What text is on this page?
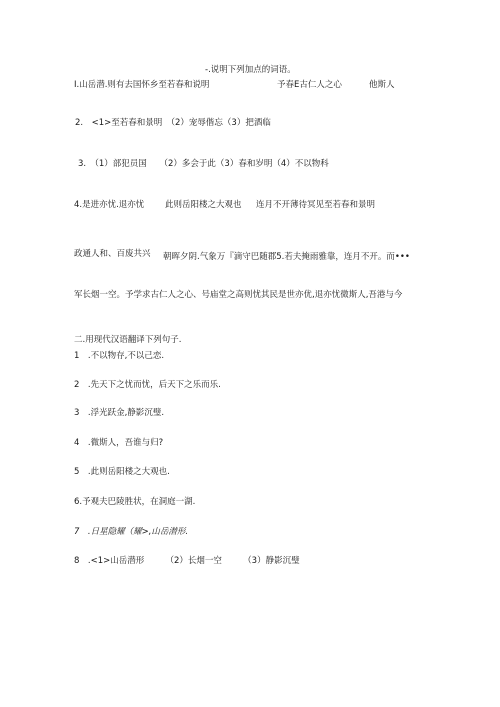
-.说明下列加点的词语。
I.山岳潜.则有去国怀乡至若春和说明	予春E古仁人之心	他斯人
2.　<1>至若春和景明　（2）宠辱偕忘（3）把酒临
3.　（1）部犯员国　　（2）多会于此（3）春和岁明（4）不以物科
4.是进亦忧.退亦忧 此则岳阳楼之大观也 连月不开薄待冥见至若春和景明
政通人和、百废共兴 朝晖夕阴.气象万『滴守巴随郡5.若夫掩雨雅靠，连月不开。而•••
军长烟一空。予学求古仁人之心、号庙堂之高则忧其民是世亦优,退亦忧微斯人,吾港与今
二.用现代汉语翻译下列句子.
1　.不以物存,不以己恋.
2　.先天下之忧而忧，后天下之乐而乐.
3　.浮光跃金,静影沉璧.
4　.微斯人，吾谁与归?
5　.此则岳阳楼之大观也.
6.予观夫巴陵胜状，在洞庭一湖.
7　.日星隐耀（耀>,山岳潜形.
8　.<1>山岳潜形　　　（2）长烟一空　　　（3）静影沉璧
